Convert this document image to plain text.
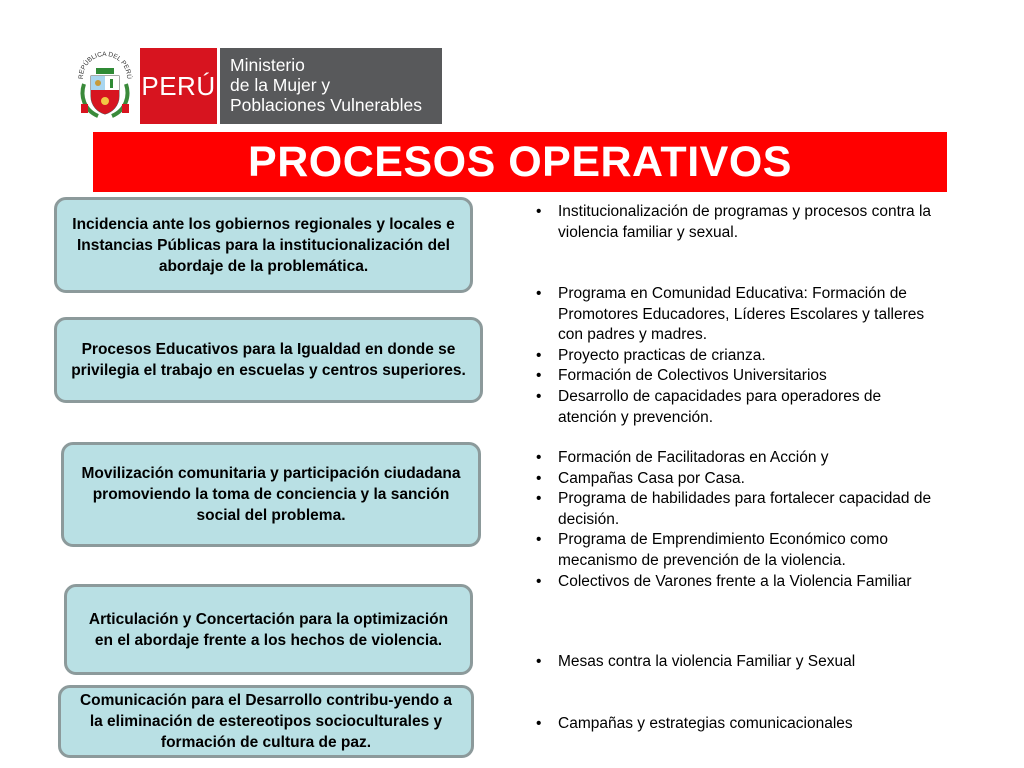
REPÚBLICA DEL PERÚ PERÚ
Ministerio
de la Mujer y
Poblaciones Vulnerables
PROCESOS OPERATIVOS
Incidencia ante los gobiernos regionales y locales e Instancias Públicas para la institucionalización del abordaje de la problemática.
Procesos Educativos para la Igualdad en donde se privilegia el trabajo en escuelas y centros superiores.
Movilización comunitaria y participación ciudadana promoviendo la toma de conciencia y la sanción social del problema.
Articulación y Concertación para la optimización en el abordaje frente a los hechos de violencia.
Comunicación para el Desarrollo contribu-yendo a la eliminación de estereotipos socioculturales y formación de cultura de paz.
• Institucionalización de programas y procesos contra la violencia familiar y sexual.
• Programa en Comunidad Educativa: Formación de Promotores Educadores, Líderes Escolares y talleres con padres y madres.
• Proyecto practicas de crianza.
• Formación de Colectivos Universitarios
• Desarrollo de capacidades para operadores de atención y prevención.
• Formación de Facilitadoras en Acción y
• Campañas Casa por Casa.
• Programa de habilidades para fortalecer capacidad de decisión.
• Programa de Emprendimiento Económico como mecanismo de prevención de la violencia.
• Colectivos de Varones frente a la Violencia Familiar
• Mesas contra la violencia Familiar y Sexual
• Campañas y estrategias comunicacionales
